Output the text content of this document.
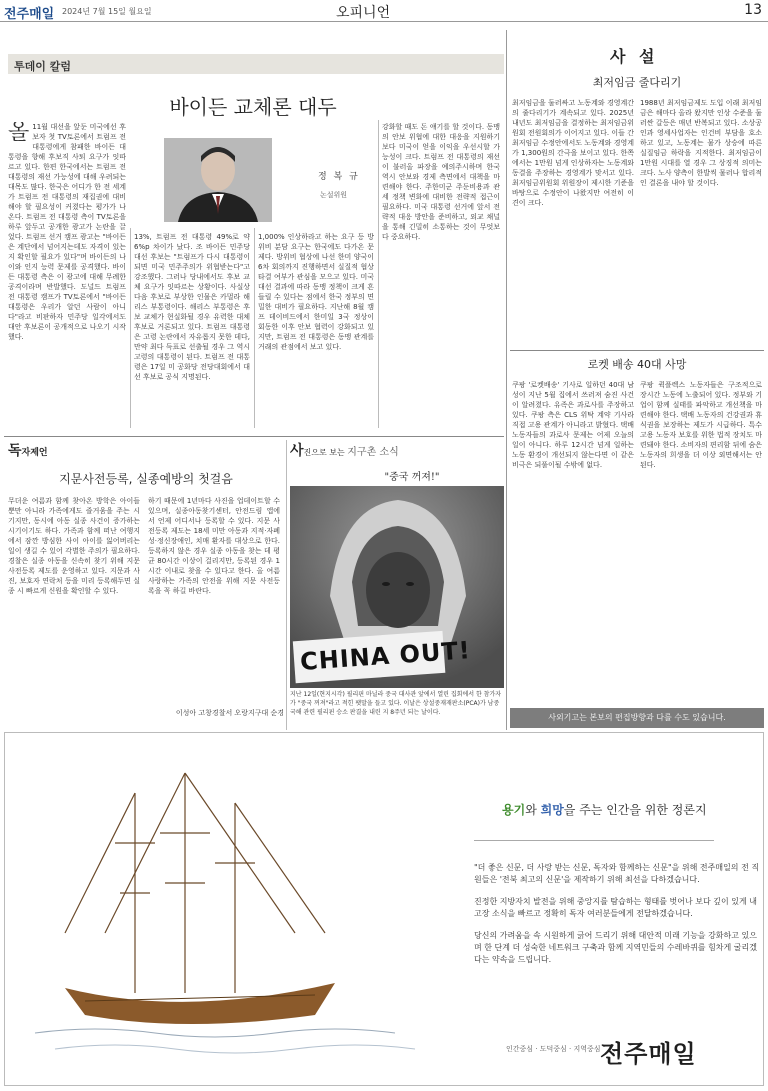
전주매일 2024년 7월 15일 월요일	오피니언	13
투데이 칼럼
바이든 교체론 대두
정 복 규
논설위원
올 11월 대선을 앞둔 미국에선 후보자 첫 TV토론에서 트럼프 전 대통령에게 참패한 바이든 대통령을 향해 후보직 사퇴 요구가 잇따르고 있다. 한편 한국에서는 트럼프 전 대통령의 재선 가능성에 대해 우려되는 대목도 많다. 한국은 어디가 한 전 세계가 트럼프 전 대통령의 재집권에 대비해야 할 필요성이 커졌다는 평가가 나온다. 트럼프 전 대통령 측이 TV토론을 하루 앞두고 공개한 광고가 논란을 끌었다. 트럼프 선거 캠프 광고는 "바이든은 계단에서 넘어지는데도 자격이 있는지 확인할 필요가 있다"며 바이든의 나이와 인지 능력 문제를 공격했다. 바이든 대통령 측은 이 광고에 대해 무례한 공격이라며 반발했다. 도널드 트럼프 전 대통령 캠프가 TV토론에서 "바이든 대통령은 우리가 알던 사람이 아니다"라고 비판하자 민주당 일각에서도 대안 후보론이 공개적으로 나오기 시작했다.
13%, 트럼프 전 대통령 49%로 약 6%p 차이가 났다. 조 바이든 민주당 대선 후보는 "트럼프가 다시 대통령이 되면 미국 민주주의가 위협받는다"고 강조했다. 그러나 당내에서도 후보 교체 요구가 잇따르는 상황이다. 사실상 다음 후보로 부상한 인물은 카멀라 해리스 부통령이다. 해리스 부통령은 후보 교체가 현실화될 경우 유력한 대체 후보로 거론되고 있다. 트럼프 대통령은 고령 논란에서 자유롭지 못한 데다, 만약 최다 득표로 선출될 경우 그 역시 고령의 대통령이 된다. 트럼프 전 대통령은 17일 미 공화당 전당대회에서 대선 후보로 공식 지명된다.
1,000% 인상하라고 하는 요구 등 방위비 분담 요구는 한국에도 다가온 문제다. 방위비 협상에 나선 한미 양국이 6차 회의까지 진행하면서 실질적 협상 타결 여부가 관심을 모으고 있다. 미국 대선 결과에 따라 동맹 정책이 크게 흔들릴 수 있다는 점에서 한국 정부의 면밀한 대비가 필요하다. 지난해 8월 캠프 데이비드에서 한미일 3국 정상이 회동한 이후 안보 협력이 강화되고 있지만, 트럼프 전 대통령은 동맹 관계를 거래의 관점에서 보고 있다.
강화할 때도 돈 얘기를 할 것이다. 동맹의 안보 위협에 대한 대응을 지원하기보다 미국이 얻을 이익을 우선시할 가능성이 크다. 트럼프 전 대통령의 재선이 불러올 파장을 예의주시하며 한국 역시 안보와 경제 측면에서 대책을 마련해야 한다. 주한미군 주둔비용과 관세 정책 변화에 대비한 전략적 접근이 필요하다. 미국 대통령 선거에 앞서 전략적 대응 방안을 준비하고, 외교 채널을 통해 긴밀히 소통하는 것이 무엇보다 중요하다.
사 설
최저임금 줄다리기
최저임금을 둘러싸고 노동계와 경영계간의 줄다리기가 계속되고 있다. 2025년 내년도 최저임금을 결정하는 최저임금위원회 전원회의가 이어지고 있다. 이들 간 최저임금 수정안에서도 노동계와 경영계가 1,300원의 간극을 보이고 있다. 한쪽에서는 1만원 넘게 인상하자는 노동계와 동결을 주장하는 경영계가 맞서고 있다. 최저임금위원회 위원장이 제시한 기준을 바탕으로 수정안이 나왔지만 여전히 이견이 크다.
1988년 최저임금제도 도입 이래 최저임금은 해마다 올라 왔지만 인상 수준을 둘러싼 갈등은 매년 반복되고 있다. 소상공인과 영세사업자는 인건비 부담을 호소하고 있고, 노동계는 물가 상승에 따른 실질임금 하락을 지적한다. 최저임금이 1만원 시대를 열 경우 그 상징적 의미는 크다. 노사 양측이 한발씩 물러나 합리적인 결론을 내야 할 것이다.
로켓 배송 40대 사망
쿠팡 '로켓배송' 기사로 일하던 40대 남성이 지난 5월 집에서 쓰러져 숨진 사건이 알려졌다. 유족은 과로사를 주장하고 있다. 쿠팡 측은 CLS 위탁 계약 기사라 직접 고용 관계가 아니라고 밝혔다. 택배 노동자들의 과로사 문제는 어제 오늘의 일이 아니다. 하루 12시간 넘게 일하는 노동 환경이 개선되지 않는다면 이 같은 비극은 되풀이될 수밖에 없다.
쿠팡 퀵플렉스 노동자들은 구조적으로 장시간 노동에 노출되어 있다. 정부와 기업이 함께 실태를 파악하고 개선책을 마련해야 한다. 택배 노동자의 건강권과 휴식권을 보장하는 제도가 시급하다. 특수고용 노동자 보호를 위한 법적 장치도 마련돼야 한다. 소비자의 편리함 뒤에 숨은 노동자의 희생을 더 이상 외면해서는 안 된다.
사외기고는 본보의 편집방향과 다를 수도 있습니다.
독자제언
지문사전등록, 실종예방의 첫걸음
무더운 여름과 함께 찾아온 방학은 아이들 뿐만 아니라 가족에게도 즐거움을 주는 시기지만, 동시에 아동 실종 사건이 증가하는 시기이기도 하다. 가족과 함께 떠난 여행지에서 잠깐 방심한 사이 아이를 잃어버리는 일이 생길 수 있어 각별한 주의가 필요하다. 경찰은 실종 아동을 신속히 찾기 위해 지문 사전등록 제도를 운영하고 있다. 지문과 사진, 보호자 연락처 등을 미리 등록해두면 실종 시 빠르게 신원을 확인할 수 있다.
하기 때문에 1년마다 사진을 업데이트할 수 있으며, 실종아동찾기센터, 안전드림 앱에서 언제 어디서나 등록할 수 있다. 지문 사전등록 제도는 18세 미만 아동과 지적·자폐성·정신장애인, 치매 환자를 대상으로 한다. 등록하지 않은 경우 실종 아동을 찾는 데 평균 80시간 이상이 걸리지만, 등록된 경우 1시간 이내로 찾을 수 있다고 한다. 올 여름 사랑하는 가족의 안전을 위해 지문 사전등록을 꼭 하길 바란다.
이성아 고창경찰서 오랑지구대 순경
사진으로 보는 지구촌 소식
"중국 꺼져!"
CHINA OUT!
지난 12일(현지시각) 필리핀 마닐라 중국 대사관 앞에서 열린 집회에서 한 참가자가 "중국 꺼져"라고 적힌 팻말을 들고 있다. 이날은 상설중재재판소(PCA)가 남중국해 관련 필리핀 승소 판결을 내린 지 8주년 되는 날이다.
용기와 희망을 주는 인간을 위한 정론지
"더 좋은 신문, 더 사랑 받는 신문, 독자와 함께하는 신문"을 위해 전주매일의 전 직원들은 '전북 최고의 신문'을 제작하기 위해 최선을 다하겠습니다.
진정한 지방자치 발전을 위해 중앙지를 탐습하는 형태를 벗어나 보다 깊이 있게 내 고장 소식을 빠르고 정확히 독자 여러분들에게 전달하겠습니다.
당신의 가려움을 속 시원하게 긁어 드리기 위해 대안적 미래 기능을 강화하고 있으며 한 단계 더 성숙한 네트워크 구축과 함께 지역민들의 수레바퀴를 힘차게 굴리겠다는 약속을 드립니다.
인간중심 · 도덕중심 · 지역중심 전주매일
